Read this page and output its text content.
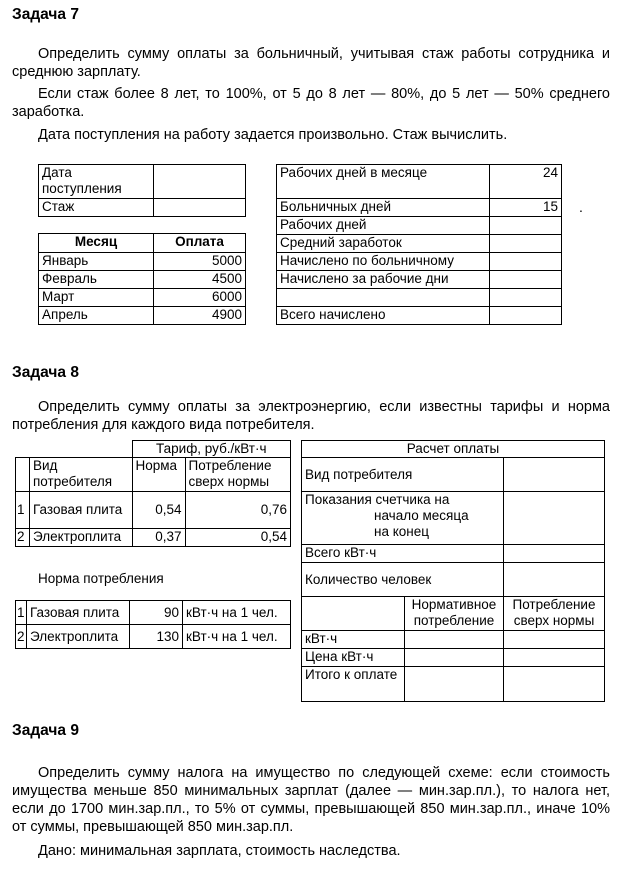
Задача 7

Определить сумму оплаты за больничный, учитывая стаж работы сотрудника и среднюю зарплату.

Если стаж более 8 лет, то 100%, от 5 до 8 лет — 80%, до 5 лет — 50% среднего заработка.

Дата поступления на работу задается произвольно. Стаж вычислить.

Дата поступления	
Стаж	
Месяц	Оплата
Январь	5000
Февраль	4500
Март	6000
Апрель	4900
Рабочих дней в месяце	24
Больничных дней	15
Рабочих дней	
Средний заработок	
Начислено по больничному	
Начислено за рабочие дни	

Всего начислено	
.
Задача 8

Определить сумму оплаты за электроэнергию, если известны тарифы и норма потребления для каждого вида потребителя.

		Тариф, руб./кВт·ч	
	Вид потребителя	Норма	Потребление сверх нормы
1	Газовая плита	0,54	0,76
2	Электроплита	0,37	0,54
Норма потребления
1	Газовая плита	90	кВт·ч на 1 чел.
2	Электроплита	130	кВт·ч на 1 чел.
Расчет оплаты		
Вид потребителя		

Показания счетчика на
начало месяца
на конец		

Всего кВт·ч		
Количество человек		
	Нормативное потребление	Потребление сверх нормы
кВт·ч		
Цена кВт·ч		
Итого к оплате		
Задача 9

Определить сумму налога на имущество по следующей схеме: если стоимость имущества меньше 850 минимальных зарплат (далее — мин.зар.пл.), то налога нет, если до 1700 мин.зар.пл., то 5% от суммы, превышающей 850 мин.зар.пл., иначе 10% от суммы, превышающей 850 мин.зар.пл.

Дано: минимальная зарплата, стоимость наследства.
